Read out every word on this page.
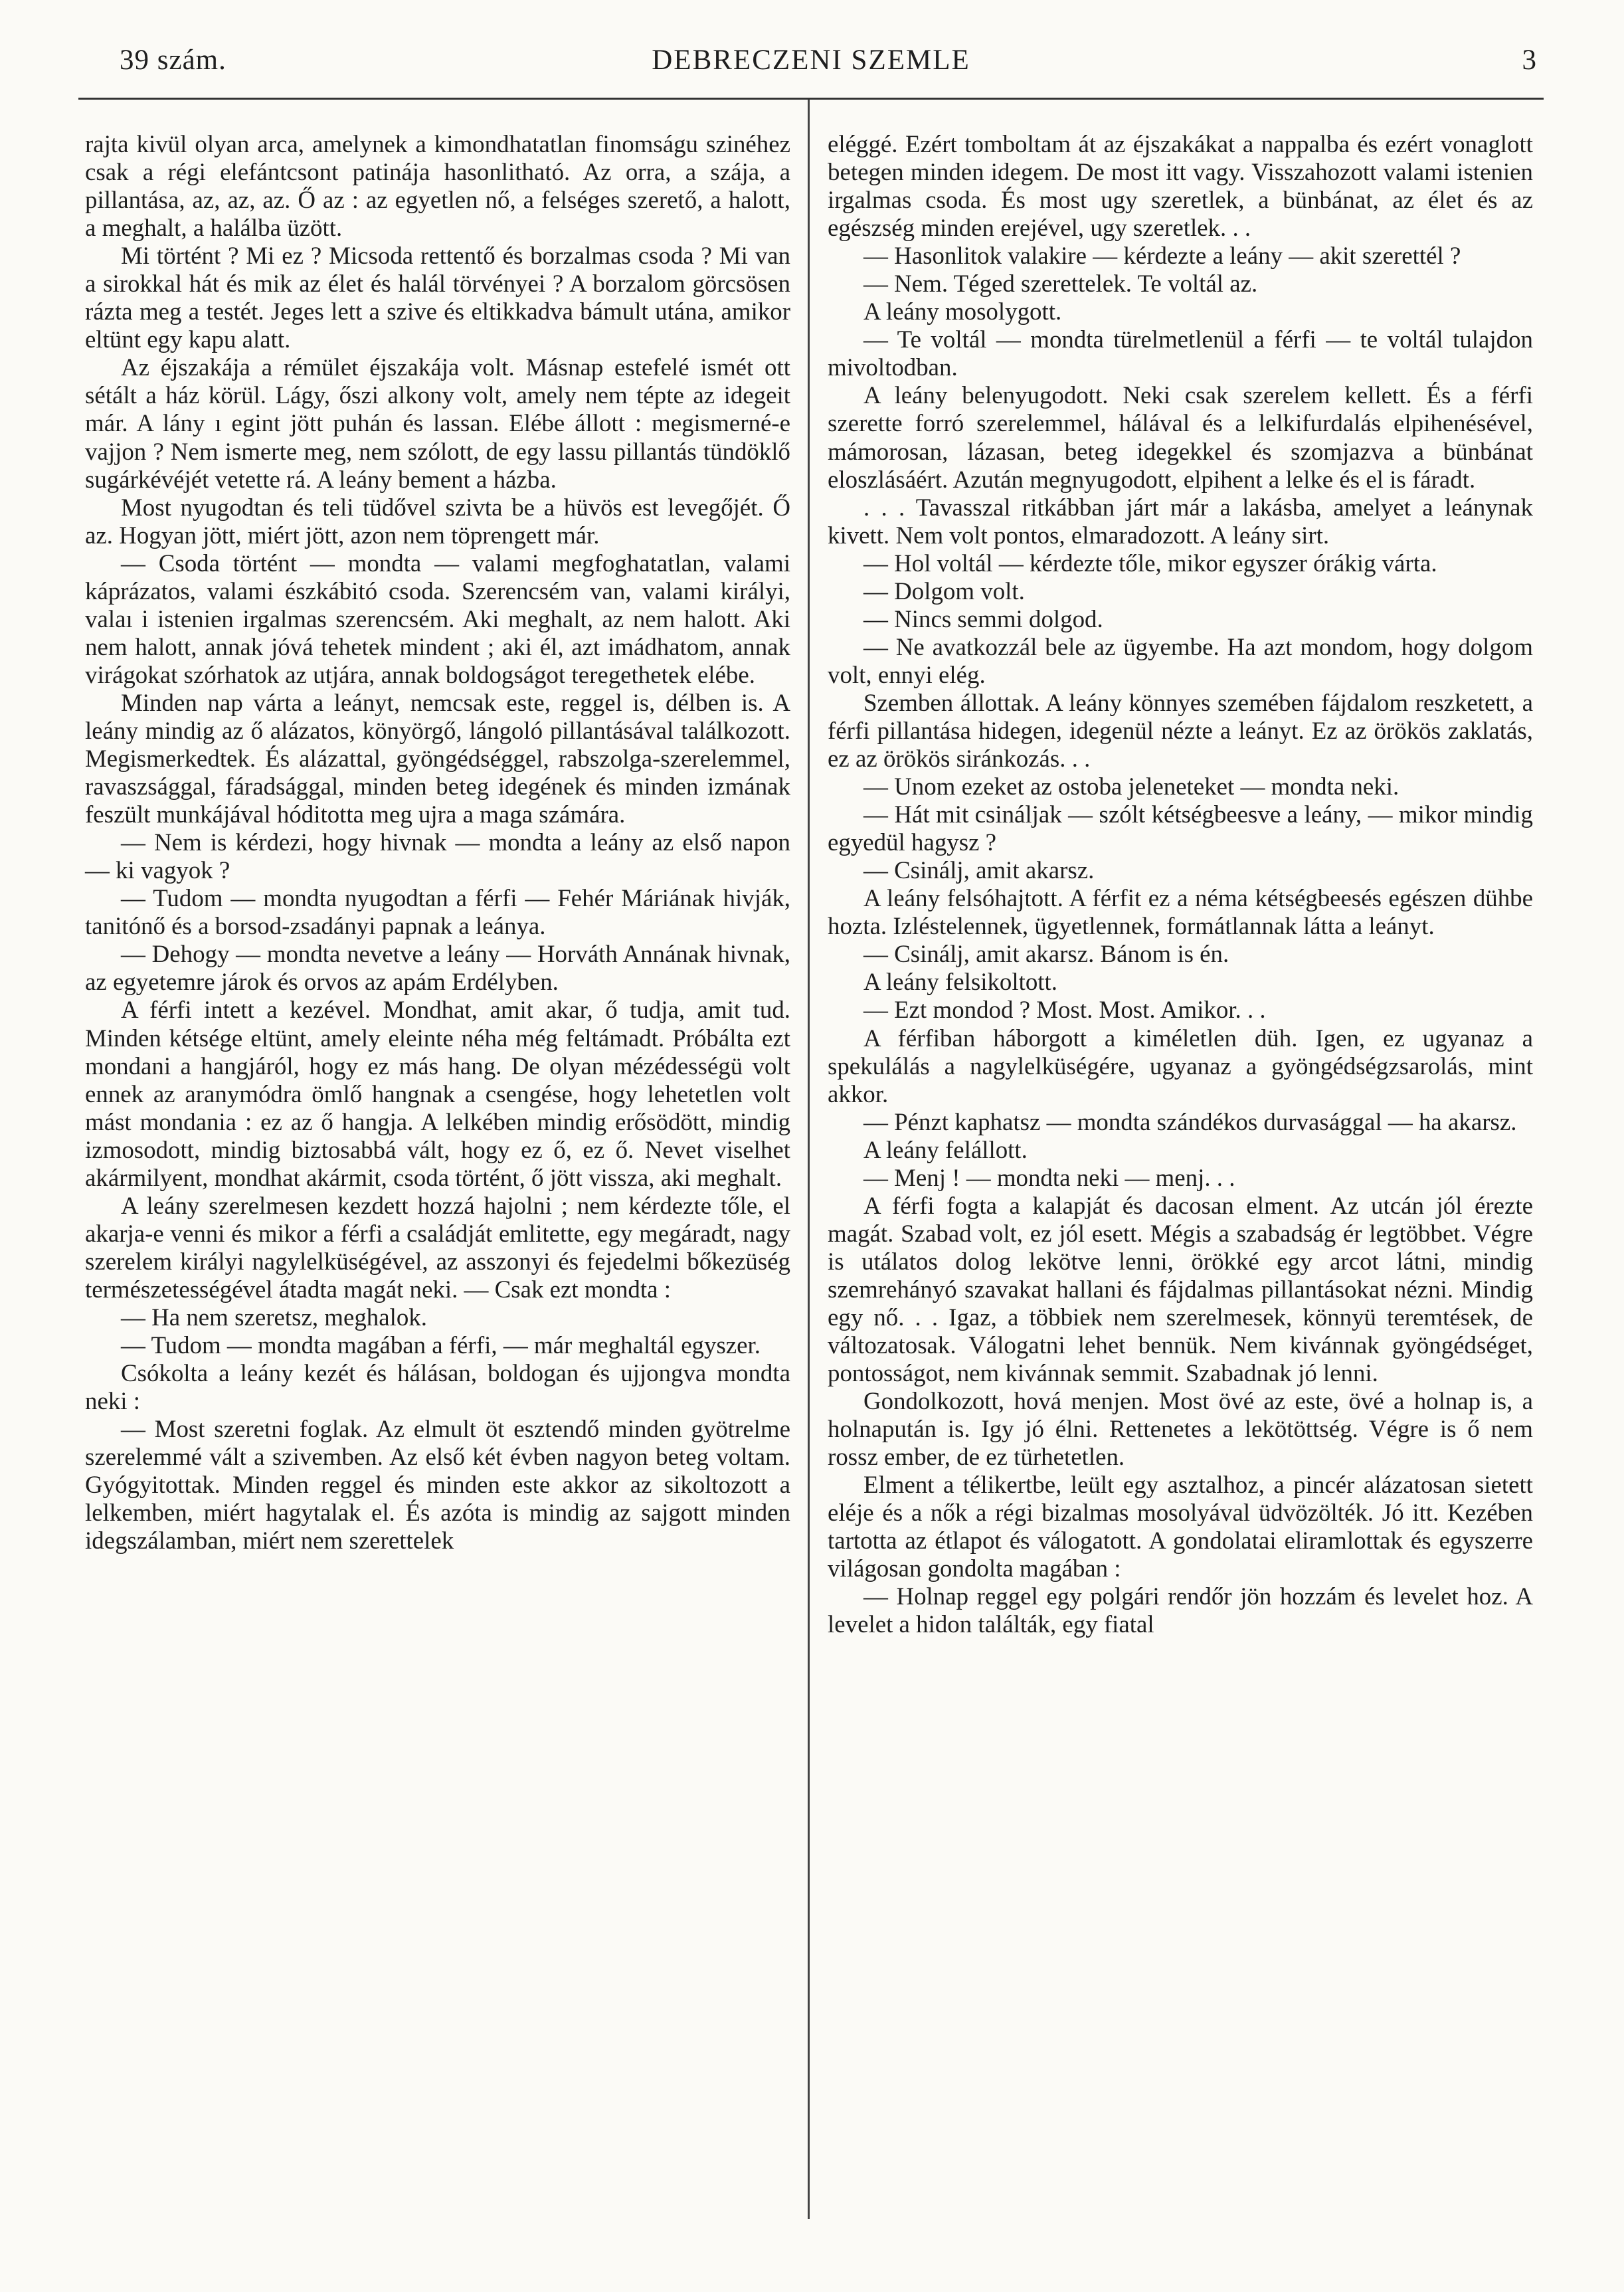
39 szám.	DEBRECZENI SZEMLE	3

rajta kivül olyan arca, amelynek a kimondhatatlan finomságu szinéhez csak a régi elefántcsont patinája hasonlitható. Az orra, a szája, a pillantása, az, az, az. Ő az : az egyetlen nő, a felséges szerető, a halott, a meghalt, a halálba üzött.

Mi történt ? Mi ez ? Micsoda rettentő és borzalmas csoda ? Mi van a sirokkal hát és mik az élet és halál törvényei ? A borzalom görcsösen rázta meg a testét. Jeges lett a szive és eltikkadva bámult utána, amikor eltünt egy kapu alatt.

Az éjszakája a rémület éjszakája volt. Másnap estefelé ismét ott sétált a ház körül. Lágy, őszi alkony volt, amely nem tépte az idegeit már. A lány ı egint jött puhán és lassan. Elébe állott : megismerné-e vajjon ? Nem ismerte meg, nem szólott, de egy lassu pillantás tündöklő sugárkévéjét vetette rá. A leány bement a házba.

Most nyugodtan és teli tüdővel szivta be a hüvös est levegőjét. Ő az. Hogyan jött, miért jött, azon nem töprengett már.

— Csoda történt — mondta — valami megfoghatatlan, valami káprázatos, valami észkábitó csoda. Szerencsém van, valami királyi, valaı i istenien irgalmas szerencsém. Aki meghalt, az nem halott. Aki nem halott, annak jóvá tehetek mindent ; aki él, azt imádhatom, annak virágokat szórhatok az utjára, annak boldogságot teregethetek elébe.

Minden nap várta a leányt, nemcsak este, reggel is, délben is. A leány mindig az ő alázatos, könyörgő, lángoló pillantásával találkozott. Megismerkedtek. És alázattal, gyöngédséggel, rabszolga-szerelemmel, ravaszsággal, fáradsággal, minden beteg idegének és minden izmának feszült munkájával hóditotta meg ujra a maga számára.

— Nem is kérdezi, hogy hivnak — mondta a leány az első napon — ki vagyok ?

— Tudom — mondta nyugodtan a férfi — Fehér Máriának hivják, tanitónő és a borsod-zsadányi papnak a leánya.

— Dehogy — mondta nevetve a leány — Horváth Annának hivnak, az egyetemre járok és orvos az apám Erdélyben.

A férfi intett a kezével. Mondhat, amit akar, ő tudja, amit tud. Minden kétsége eltünt, amely eleinte néha még feltámadt. Próbálta ezt mondani a hangjáról, hogy ez más hang. De olyan mézédességü volt ennek az aranymódra ömlő hangnak a csengése, hogy lehetetlen volt mást mondania : ez az ő hangja. A lelkében mindig erősödött, mindig izmosodott, mindig biztosabbá vált, hogy ez ő, ez ő. Nevet viselhet akármilyent, mondhat akármit, csoda történt, ő jött vissza, aki meghalt.

A leány szerelmesen kezdett hozzá hajolni ; nem kérdezte tőle, el akarja-e venni és mikor a férfi a családját emlitette, egy megáradt, nagy szerelem királyi nagylelküségével, az asszonyi és fejedelmi bőkezüség természetességével átadta magát neki. — Csak ezt mondta :

— Ha nem szeretsz, meghalok.

— Tudom — mondta magában a férfi, — már meghaltál egyszer.

Csókolta a leány kezét és hálásan, boldogan és ujjongva mondta neki :

— Most szeretni foglak. Az elmult öt esztendő minden gyötrelme szerelemmé vált a szivemben. Az első két évben nagyon beteg voltam. Gyógyitottak. Minden reggel és minden este akkor az sikoltozott a lelkemben, miért hagytalak el. És azóta is mindig az sajgott minden idegszálamban, miért nem szerettelek

eléggé. Ezért tomboltam át az éjszakákat a nappalba és ezért vonaglott betegen minden idegem. De most itt vagy. Visszahozott valami istenien irgalmas csoda. És most ugy szeretlek, a bünbánat, az élet és az egészség minden erejével, ugy szeretlek. . .

— Hasonlitok valakire — kérdezte a leány — akit szerettél ?

— Nem. Téged szerettelek. Te voltál az.

A leány mosolygott.

— Te voltál — mondta türelmetlenül a férfi — te voltál tulajdon mivoltodban.

A leány belenyugodott. Neki csak szerelem kellett. És a férfi szerette forró szerelemmel, hálával és a lelkifurdalás elpihenésével, mámorosan, lázasan, beteg idegekkel és szomjazva a bünbánat eloszlásáért. Azután megnyugodott, elpihent a lelke és el is fáradt.

. . . Tavasszal ritkábban járt már a lakásba, amelyet a leánynak kivett. Nem volt pontos, elmaradozott. A leány sirt.

— Hol voltál — kérdezte tőle, mikor egyszer órákig várta.

— Dolgom volt.

— Nincs semmi dolgod.

— Ne avatkozzál bele az ügyembe. Ha azt mondom, hogy dolgom volt, ennyi elég.

Szemben állottak. A leány könnyes szemében fájdalom reszketett, a férfi pillantása hidegen, idegenül nézte a leányt. Ez az örökös zaklatás, ez az örökös siránkozás. . .

— Unom ezeket az ostoba jeleneteket — mondta neki.

— Hát mit csináljak — szólt kétségbeesve a leány, — mikor mindig egyedül hagysz ?

— Csinálj, amit akarsz.

A leány felsóhajtott. A férfit ez a néma kétségbeesés egészen dühbe hozta. Izléstelennek, ügyetlennek, formátlannak látta a leányt.

— Csinálj, amit akarsz. Bánom is én.

A leány felsikoltott.

— Ezt mondod ? Most. Most. Amikor. . .

A férfiban háborgott a kiméletlen düh. Igen, ez ugyanaz a spekulálás a nagylelküségére, ugyanaz a gyöngédségzsarolás, mint akkor.

— Pénzt kaphatsz — mondta szándékos durvasággal — ha akarsz.

A leány felállott.

— Menj ! — mondta neki — menj. . .

A férfi fogta a kalapját és dacosan elment. Az utcán jól érezte magát. Szabad volt, ez jól esett. Mégis a szabadság ér legtöbbet. Végre is utálatos dolog lekötve lenni, örökké egy arcot látni, mindig szemrehányó szavakat hallani és fájdalmas pillantásokat nézni. Mindig egy nő. . . Igaz, a többiek nem szerelmesek, könnyü teremtések, de változatosak. Válogatni lehet bennük. Nem kivánnak gyöngédséget, pontosságot, nem kivánnak semmit. Szabadnak jó lenni.

Gondolkozott, hová menjen. Most övé az este, övé a holnap is, a holnapután is. Igy jó élni. Rettenetes a lekötöttség. Végre is ő nem rossz ember, de ez türhetetlen.

Elment a télikertbe, leült egy asztalhoz, a pincér alázatosan sietett eléje és a nők a régi bizalmas mosolyával üdvözölték. Jó itt. Kezében tartotta az étlapot és válogatott. A gondolatai eliramlottak és egyszerre világosan gondolta magában :

— Holnap reggel egy polgári rendőr jön hozzám és levelet hoz. A levelet a hidon találták, egy fiatal
